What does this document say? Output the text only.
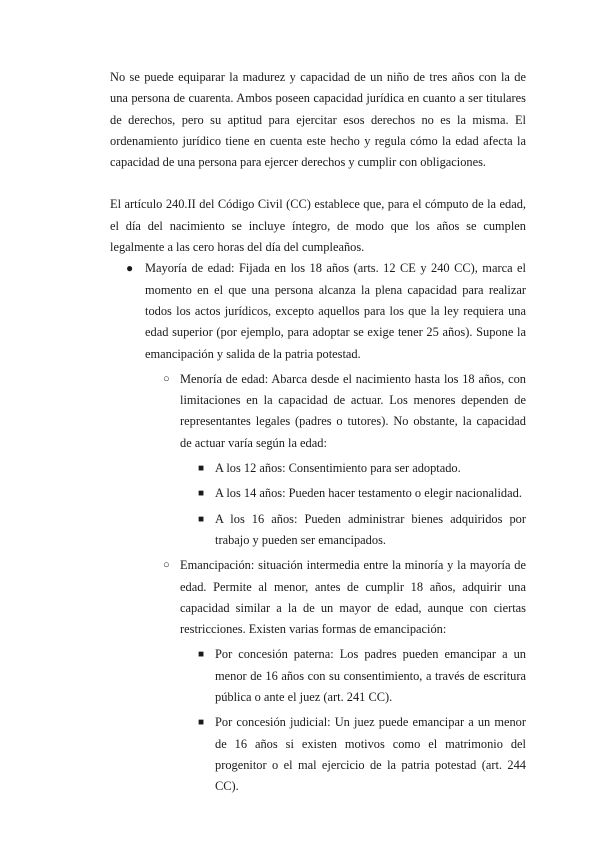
No se puede equiparar la madurez y capacidad de un niño de tres años con la de una persona de cuarenta. Ambos poseen capacidad jurídica en cuanto a ser titulares de derechos, pero su aptitud para ejercitar esos derechos no es la misma. El ordenamiento jurídico tiene en cuenta este hecho y regula cómo la edad afecta la capacidad de una persona para ejercer derechos y cumplir con obligaciones.

El artículo 240.II del Código Civil (CC) establece que, para el cómputo de la edad, el día del nacimiento se incluye íntegro, de modo que los años se cumplen legalmente a las cero horas del día del cumpleaños.

● Mayoría de edad: Fijada en los 18 años (arts. 12 CE y 240 CC), marca el momento en el que una persona alcanza la plena capacidad para realizar todos los actos jurídicos, excepto aquellos para los que la ley requiera una edad superior (por ejemplo, para adoptar se exige tener 25 años). Supone la emancipación y salida de la patria potestad.
○ Menoría de edad: Abarca desde el nacimiento hasta los 18 años, con limitaciones en la capacidad de actuar. Los menores dependen de representantes legales (padres o tutores). No obstante, la capacidad de actuar varía según la edad:
■ A los 12 años: Consentimiento para ser adoptado.
■ A los 14 años: Pueden hacer testamento o elegir nacionalidad.
■ A los 16 años: Pueden administrar bienes adquiridos por trabajo y pueden ser emancipados.
○ Emancipación: situación intermedia entre la minoría y la mayoría de edad. Permite al menor, antes de cumplir 18 años, adquirir una capacidad similar a la de un mayor de edad, aunque con ciertas restricciones. Existen varias formas de emancipación:
■ Por concesión paterna: Los padres pueden emancipar a un menor de 16 años con su consentimiento, a través de escritura pública o ante el juez (art. 241 CC).
■ Por concesión judicial: Un juez puede emancipar a un menor de 16 años si existen motivos como el matrimonio del progenitor o el mal ejercicio de la patria potestad (art. 244 CC).
